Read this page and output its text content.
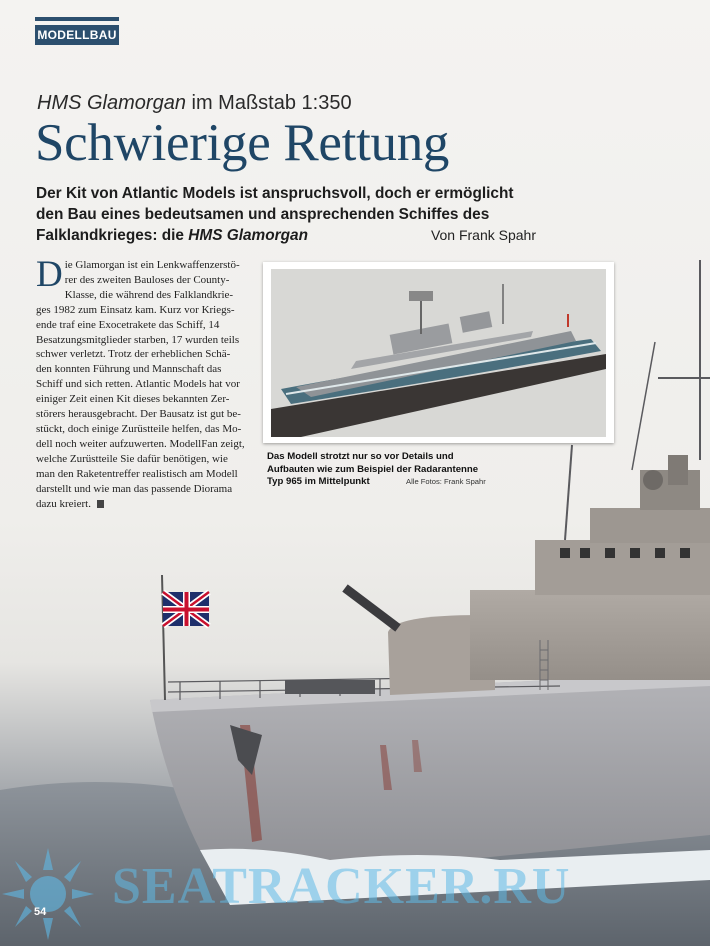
MODELLBAU
HMS Glamorgan im Maßstab 1:350
Schwierige Rettung
Der Kit von Atlantic Models ist anspruchsvoll, doch er ermöglicht
den Bau eines bedeutsamen und ansprechenden Schiffes des
Falklandkrieges: die HMS Glamorgan	Von Frank Spahr
D ie Glamorgan ist ein Lenkwaffenzerstö-
rer des zweiten Bauloses der County-
Klasse, die während des Falklandkrie-
ges 1982 zum Einsatz kam. Kurz vor Kriegs-
ende traf eine Exocetrakete das Schiff, 14
Besatzungsmitglieder starben, 17 wurden teils
schwer verletzt. Trotz der erheblichen Schä-
den konnten Führung und Mannschaft das
Schiff und sich retten. Atlantic Models hat vor
einiger Zeit einen Kit dieses bekannten Zer-
störers herausgebracht. Der Bausatz ist gut be-
stückt, doch einige Zurüstteile helfen, das Mo-
dell noch weiter aufzuwerten. ModellFan zeigt,
welche Zurüstteile Sie dafür benötigen, wie
man den Raketentreffer realistisch am Modell
darstellt und wie man das passende Diorama
dazu kreiert.
Das Modell strotzt nur so vor Details und
Aufbauten wie zum Beispiel der Radarantenne
Typ 965 im Mittelpunkt	Alle Fotos: Frank Spahr
SEATRACKER.RU
54
